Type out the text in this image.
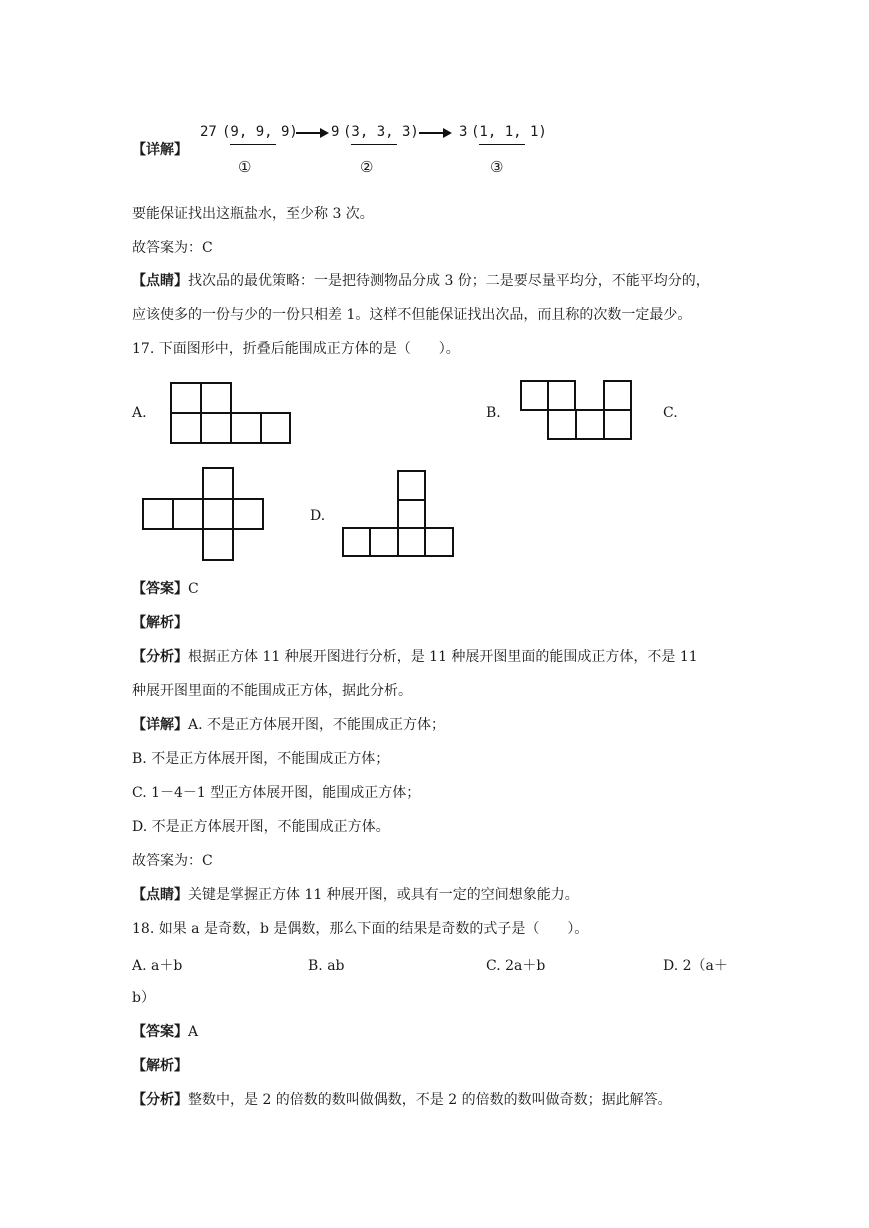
【详解】
27 (9, 9, 9)
①
9 (3, 3, 3)
②
3 (1, 1, 1)
③
要能保证找出这瓶盐水，至少称 3 次。
故答案为：C
【点睛】找次品的最优策略：一是把待测物品分成 3 份；二是要尽量平均分，不能平均分的，
应该使多的一份与少的一份只相差 1。这样不但能保证找出次品，而且称的次数一定最少。
17. 下面图形中，折叠后能围成正方体的是（　　）。
A.	B.	C.
D.
【答案】C
【解析】
【分析】根据正方体 11 种展开图进行分析，是 11 种展开图里面的能围成正方体，不是 11
种展开图里面的不能围成正方体，据此分析。
【详解】A. 不是正方体展开图，不能围成正方体；
B. 不是正方体展开图，不能围成正方体；
C. 1－4－1 型正方体展开图，能围成正方体；
D. 不是正方体展开图，不能围成正方体。
故答案为：C
【点睛】关键是掌握正方体 11 种展开图，或具有一定的空间想象能力。
18. 如果 a 是奇数，b 是偶数，那么下面的结果是奇数的式子是（　　）。
A. a＋b	B. ab	C. 2a＋b	D. 2（a＋
b）
【答案】A
【解析】
【分析】整数中，是 2 的倍数的数叫做偶数，不是 2 的倍数的数叫做奇数；据此解答。
